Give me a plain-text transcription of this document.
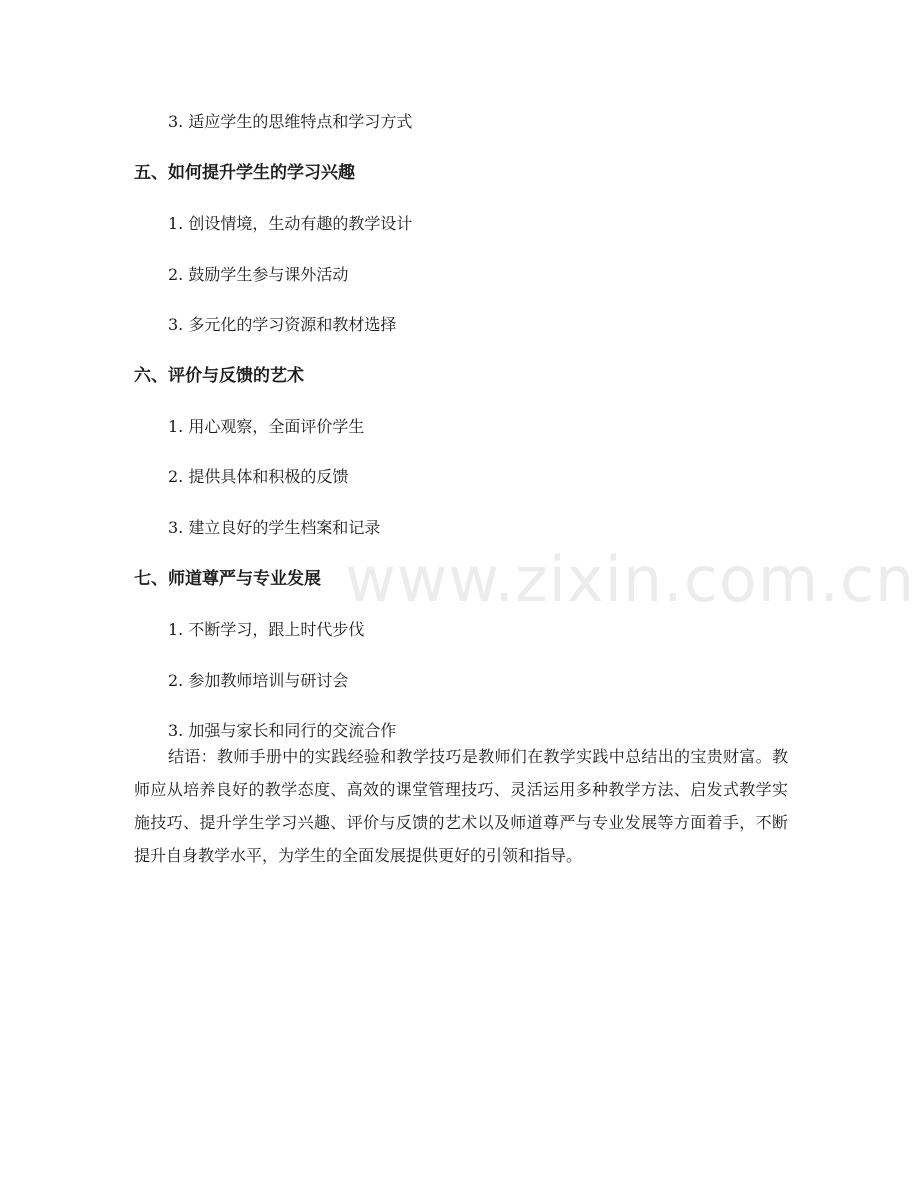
3. 适应学生的思维特点和学习方式
五、如何提升学生的学习兴趣
1. 创设情境，生动有趣的教学设计
2. 鼓励学生参与课外活动
3. 多元化的学习资源和教材选择
六、评价与反馈的艺术
1. 用心观察，全面评价学生
2. 提供具体和积极的反馈
3. 建立良好的学生档案和记录
七、师道尊严与专业发展
1. 不断学习，跟上时代步伐
2. 参加教师培训与研讨会
3. 加强与家长和同行的交流合作
结语：教师手册中的实践经验和教学技巧是教师们在教学实践中总结出的宝贵财富。教师应从培养良好的教学态度、高效的课堂管理技巧、灵活运用多种教学方法、启发式教学实施技巧、提升学生学习兴趣、评价与反馈的艺术以及师道尊严与专业发展等方面着手，不断提升自身教学水平，为学生的全面发展提供更好的引领和指导。
www.zixin.com.cn
